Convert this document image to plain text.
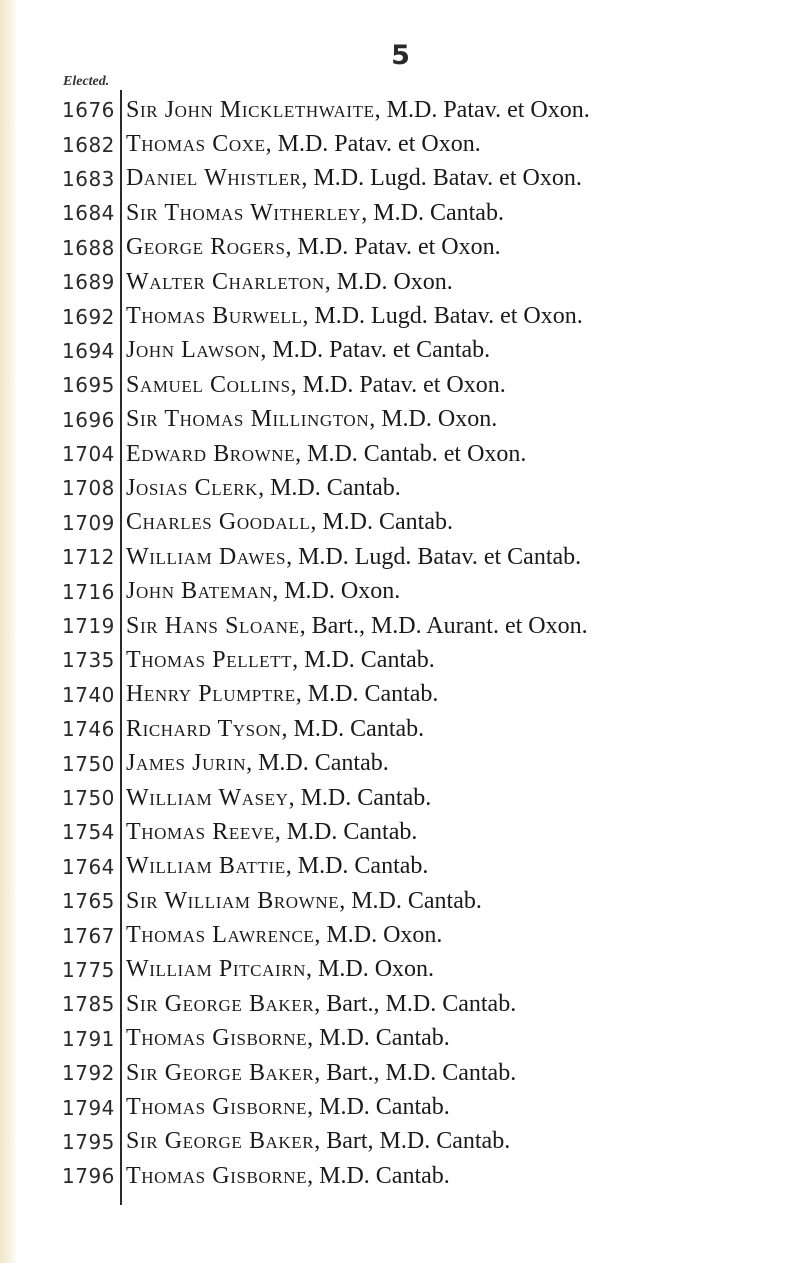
5
Elected.
1676 Sir John Micklethwaite, M.D. Patav. et Oxon.
1682 Thomas Coxe, M.D. Patav. et Oxon.
1683 Daniel Whistler, M.D. Lugd. Batav. et Oxon.
1684 Sir Thomas Witherley, M.D. Cantab.
1688 George Rogers, M.D. Patav. et Oxon.
1689 Walter Charleton, M.D. Oxon.
1692 Thomas Burwell, M.D. Lugd. Batav. et Oxon.
1694 John Lawson, M.D. Patav. et Cantab.
1695 Samuel Collins, M.D. Patav. et Oxon.
1696 Sir Thomas Millington, M.D. Oxon.
1704 Edward Browne, M.D. Cantab. et Oxon.
1708 Josias Clerk, M.D. Cantab.
1709 Charles Goodall, M.D. Cantab.
1712 William Dawes, M.D. Lugd. Batav. et Cantab.
1716 John Bateman, M.D. Oxon.
1719 Sir Hans Sloane, Bart., M.D. Aurant. et Oxon.
1735 Thomas Pellett, M.D. Cantab.
1740 Henry Plumptre, M.D. Cantab.
1746 Richard Tyson, M.D. Cantab.
1750 James Jurin, M.D. Cantab.
1750 William Wasey, M.D. Cantab.
1754 Thomas Reeve, M.D. Cantab.
1764 William Battie, M.D. Cantab.
1765 Sir William Browne, M.D. Cantab.
1767 Thomas Lawrence, M.D. Oxon.
1775 William Pitcairn, M.D. Oxon.
1785 Sir George Baker, Bart., M.D. Cantab.
1791 Thomas Gisborne, M.D. Cantab.
1792 Sir George Baker, Bart., M.D. Cantab.
1794 Thomas Gisborne, M.D. Cantab.
1795 Sir George Baker, Bart, M.D. Cantab.
1796 Thomas Gisborne, M.D. Cantab.
